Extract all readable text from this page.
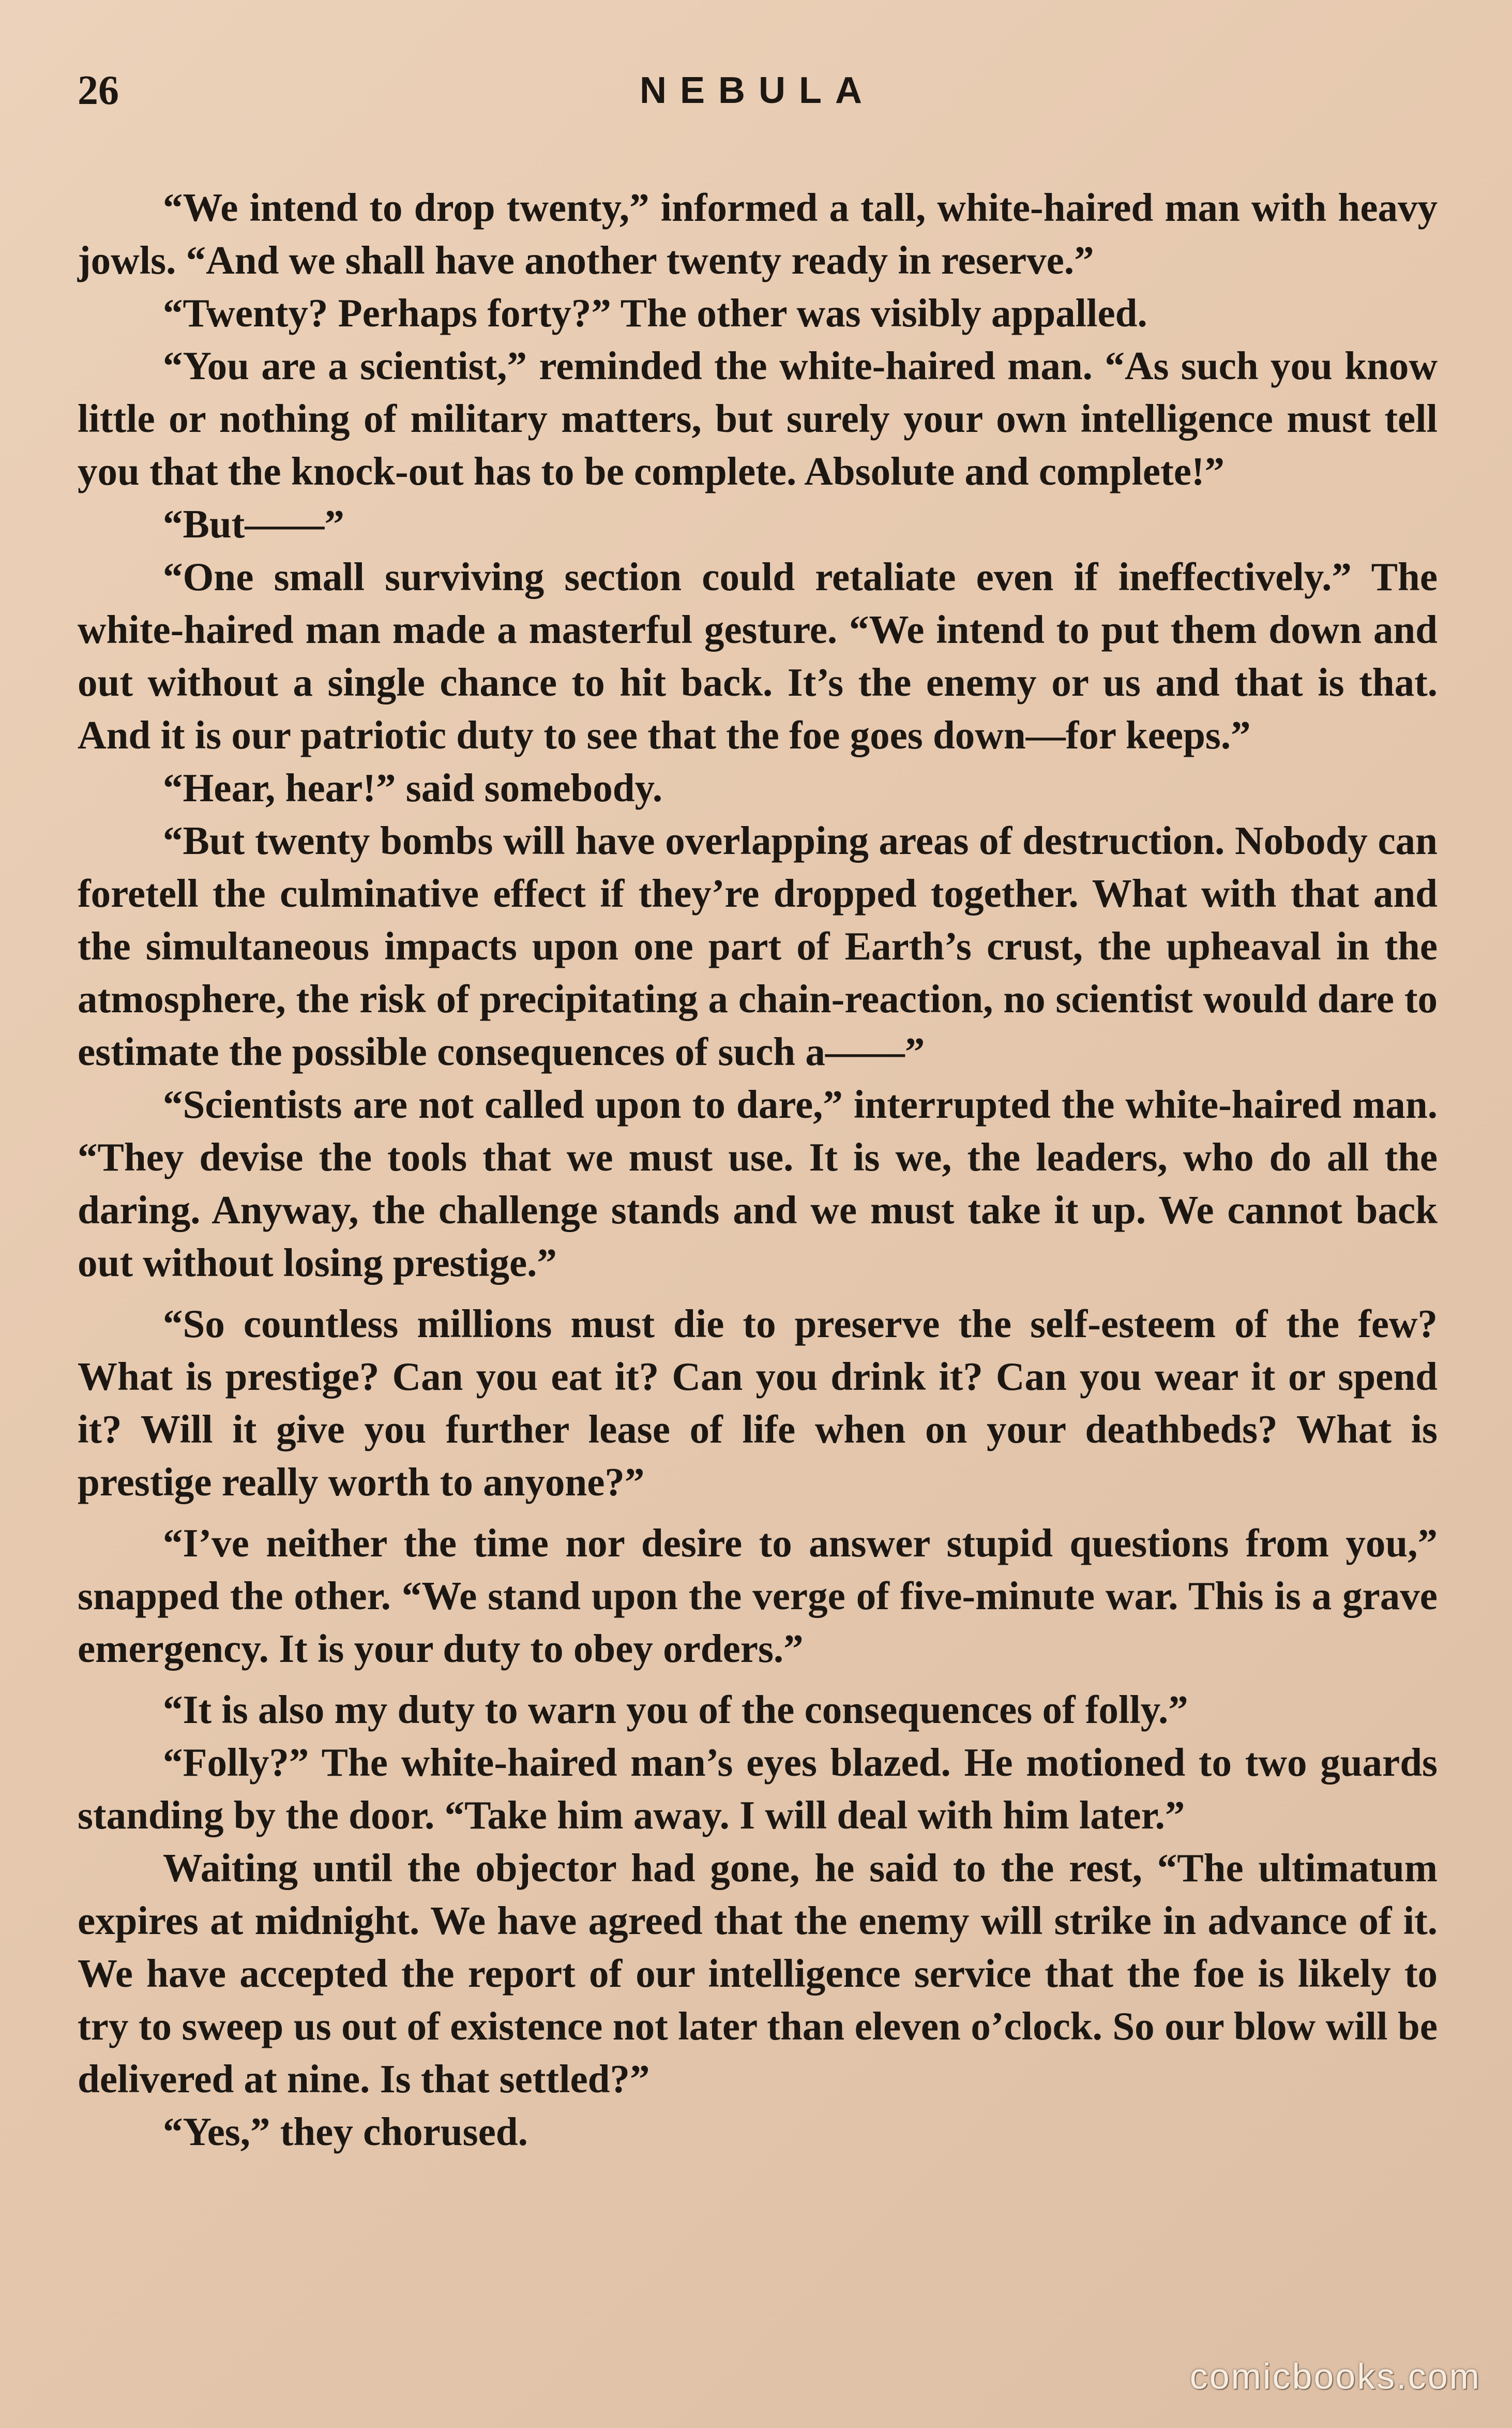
26	NEBULA

“We intend to drop twenty,” informed a tall, white-haired man with heavy jowls. “And we shall have another twenty ready in reserve.”

“Twenty? Perhaps forty?” The other was visibly appalled.

“You are a scientist,” reminded the white-haired man. “As such you know little or nothing of military matters, but surely your own intelligence must tell you that the knock-out has to be complete. Absolute and complete!”

“But——”

“One small surviving section could retaliate even if ineffectively.” The white-haired man made a masterful gesture. “We intend to put them down and out without a single chance to hit back. It’s the enemy or us and that is that. And it is our patriotic duty to see that the foe goes down—for keeps.”

“Hear, hear!” said somebody.

“But twenty bombs will have overlapping areas of destruction. Nobody can foretell the culminative effect if they’re dropped together. What with that and the simultaneous impacts upon one part of Earth’s crust, the upheaval in the atmosphere, the risk of precipitating a chain-reaction, no scientist would dare to estimate the possible consequences of such a——”

“Scientists are not called upon to dare,” interrupted the white-haired man. “They devise the tools that we must use. It is we, the leaders, who do all the daring. Anyway, the challenge stands and we must take it up. We cannot back out without losing prestige.”

“So countless millions must die to preserve the self-esteem of the few? What is prestige? Can you eat it? Can you drink it? Can you wear it or spend it? Will it give you further lease of life when on your deathbeds? What is prestige really worth to anyone?”

“I’ve neither the time nor desire to answer stupid questions from you,” snapped the other. “We stand upon the verge of five-minute war. This is a grave emergency. It is your duty to obey orders.”

“It is also my duty to warn you of the consequences of folly.”

“Folly?” The white-haired man’s eyes blazed. He motioned to two guards standing by the door. “Take him away. I will deal with him later.”

Waiting until the objector had gone, he said to the rest, “The ultimatum expires at midnight. We have agreed that the enemy will strike in advance of it. We have accepted the report of our intelligence service that the foe is likely to try to sweep us out of existence not later than eleven o’clock. So our blow will be delivered at nine. Is that settled?”

“Yes,” they chorused.

comicbooks.com
